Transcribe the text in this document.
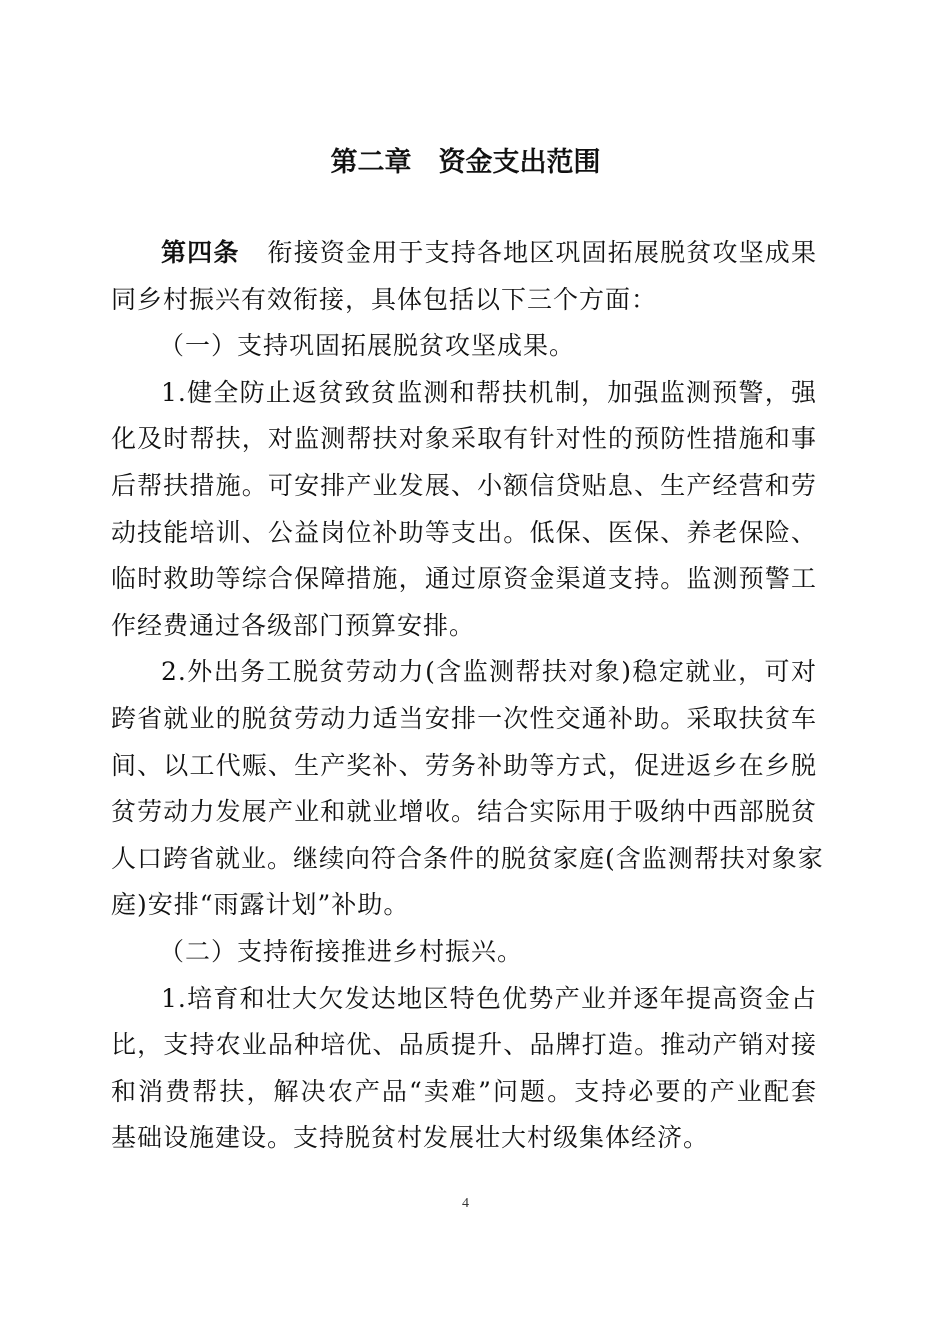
第二章　资金支出范围
第四条 衔接资金用于支持各地区巩固拓展脱贫攻坚成果
同乡村振兴有效衔接，具体包括以下三个方面：
（一）支持巩固拓展脱贫攻坚成果。
1.健全防止返贫致贫监测和帮扶机制，加强监测预警，强
化及时帮扶，对监测帮扶对象采取有针对性的预防性措施和事
后帮扶措施。可安排产业发展、小额信贷贴息、生产经营和劳
动技能培训、公益岗位补助等支出。低保、医保、养老保险、
临时救助等综合保障措施，通过原资金渠道支持。监测预警工
作经费通过各级部门预算安排。
2.外出务工脱贫劳动力(含监测帮扶对象)稳定就业，可对
跨省就业的脱贫劳动力适当安排一次性交通补助。采取扶贫车
间、以工代赈、生产奖补、劳务补助等方式，促进返乡在乡脱
贫劳动力发展产业和就业增收。结合实际用于吸纳中西部脱贫
人口跨省就业。继续向符合条件的脱贫家庭(含监测帮扶对象家
庭)安排“雨露计划”补助。
（二）支持衔接推进乡村振兴。
1.培育和壮大欠发达地区特色优势产业并逐年提高资金占
比，支持农业品种培优、品质提升、品牌打造。推动产销对接
和消费帮扶，解决农产品“卖难”问题。支持必要的产业配套
基础设施建设。支持脱贫村发展壮大村级集体经济。
4
